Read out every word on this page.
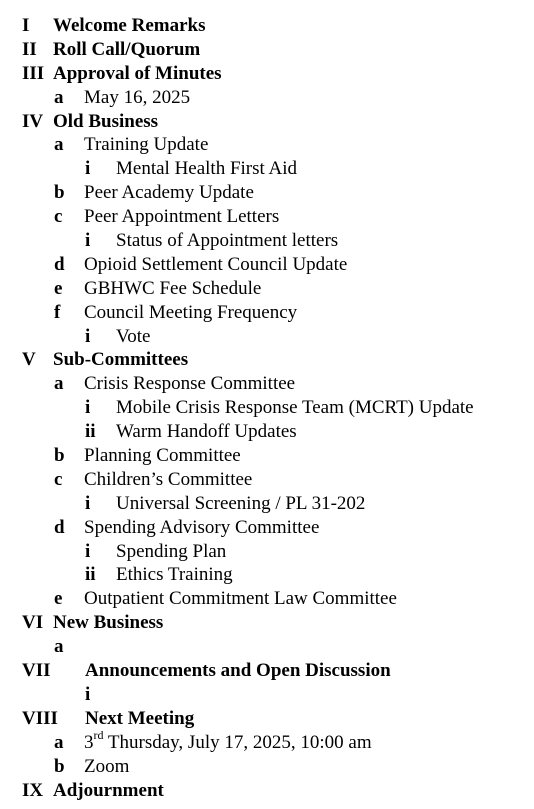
I Welcome Remarks
II Roll Call/Quorum
III Approval of Minutes
a May 16, 2025
IV Old Business
a Training Update
i Mental Health First Aid
b Peer Academy Update
c Peer Appointment Letters
i Status of Appointment letters
d Opioid Settlement Council Update
e GBHWC Fee Schedule
f Council Meeting Frequency
i Vote
V Sub-Committees
a Crisis Response Committee
i Mobile Crisis Response Team (MCRT) Update
ii Warm Handoff Updates
b Planning Committee
c Children’s Committee
i Universal Screening / PL 31-202
d Spending Advisory Committee
i Spending Plan
ii Ethics Training
e Outpatient Commitment Law Committee
VI New Business
a
VII Announcements and Open Discussion
i
VIII Next Meeting
a 3rd Thursday, July 17, 2025, 10:00 am
b Zoom
IX Adjournment
